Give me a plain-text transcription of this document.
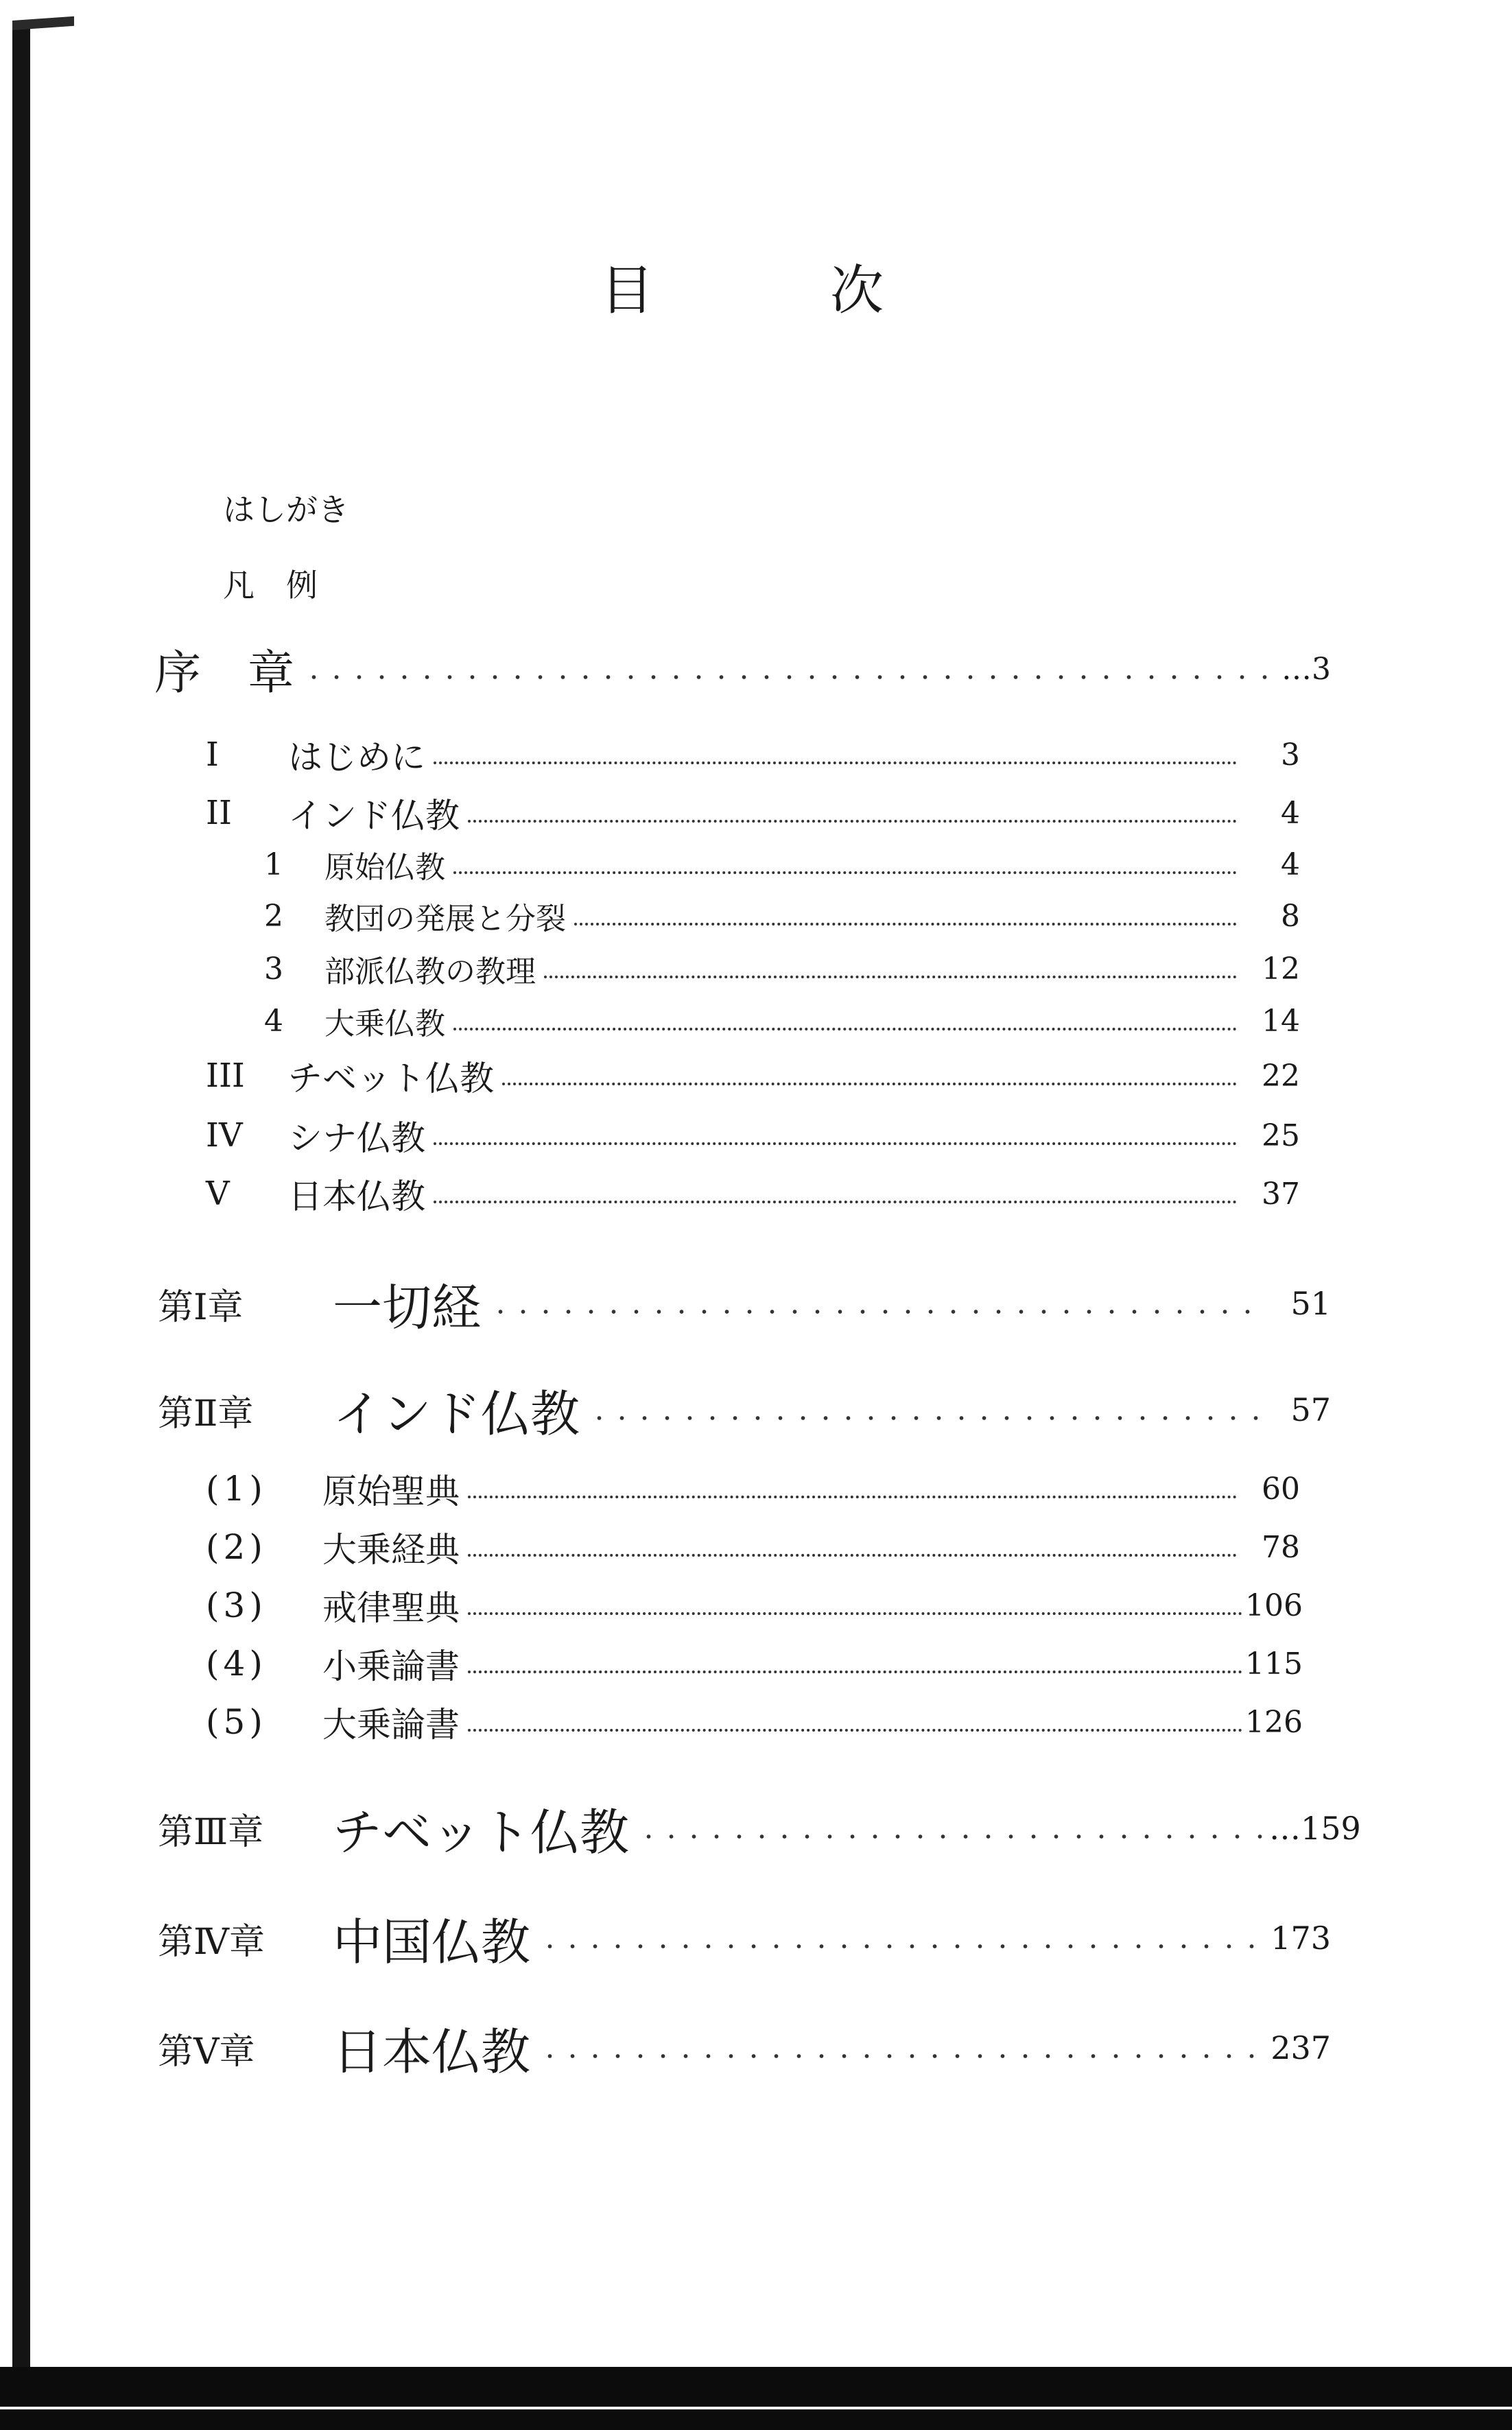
目	次
はしがき
凡　例
序　章	…3
I	はじめに	3
II	インド仏教	4
1	原始仏教	4
2	教団の発展と分裂	8
3	部派仏教の教理	12
4	大乗仏教	14
III	チベット仏教	22
IV	シナ仏教	25
V	日本仏教	37
第Ⅰ章	一切経	51
第Ⅱ章	インド仏教	57
(1)	原始聖典	60
(2)	大乗経典	78
(3)	戒律聖典	106
(4)	小乗論書	115
(5)	大乗論書	126
第Ⅲ章	チベット仏教	…159
第Ⅳ章	中国仏教	173
第Ⅴ章	日本仏教	237
